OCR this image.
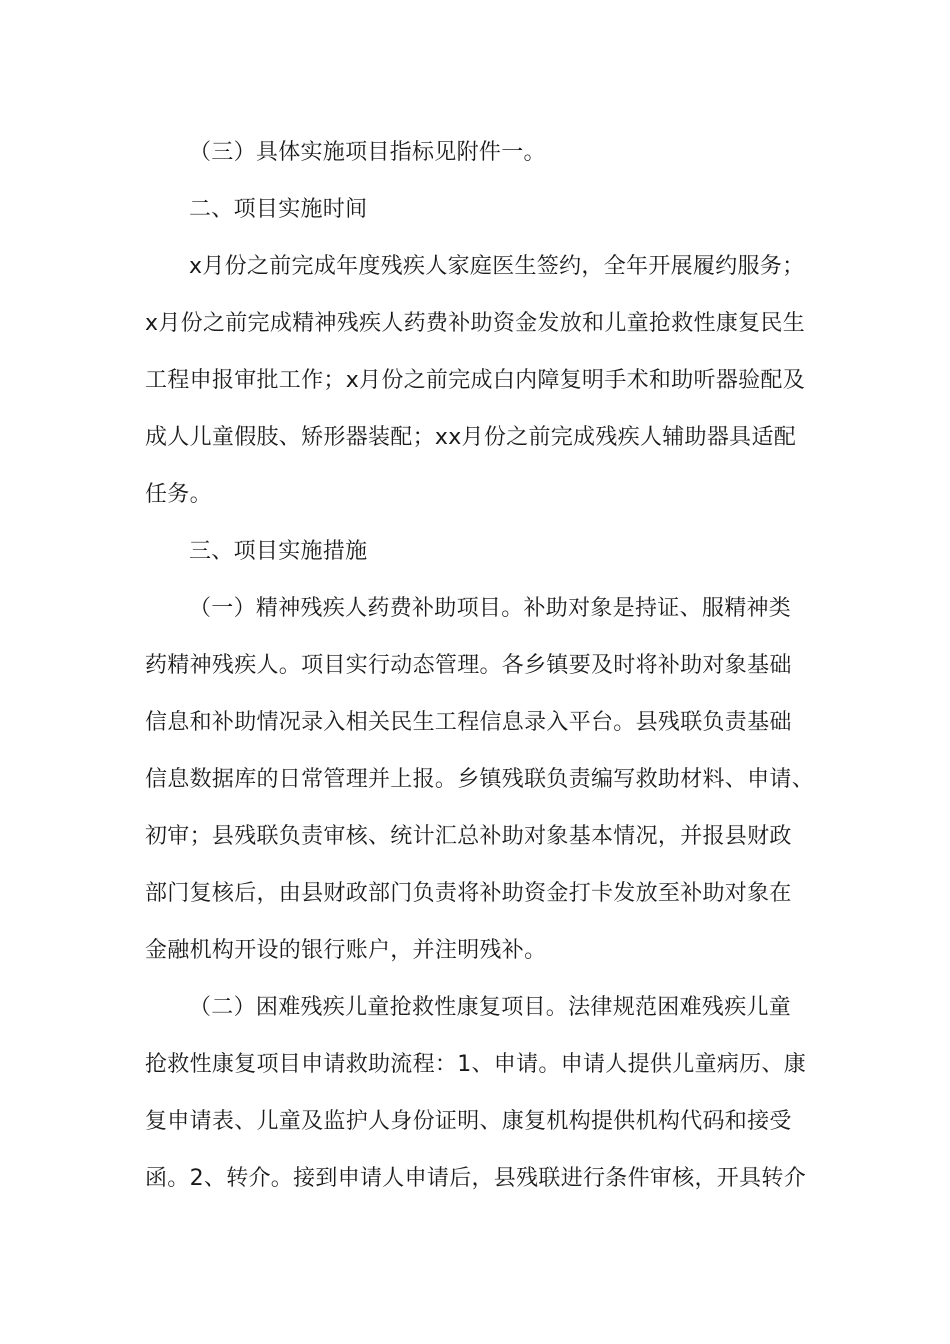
（三）具体实施项目指标见附件一。
二、项目实施时间
x月份之前完成年度残疾人家庭医生签约，全年开展履约服务；
x月份之前完成精神残疾人药费补助资金发放和儿童抢救性康复民生
工程申报审批工作；x月份之前完成白内障复明手术和助听器验配及
成人儿童假肢、矫形器装配；xx月份之前完成残疾人辅助器具适配
任务。
三、项目实施措施
（一）精神残疾人药费补助项目。补助对象是持证、服精神类
药精神残疾人。项目实行动态管理。各乡镇要及时将补助对象基础
信息和补助情况录入相关民生工程信息录入平台。县残联负责基础
信息数据库的日常管理并上报。乡镇残联负责编写救助材料、申请、
初审；县残联负责审核、统计汇总补助对象基本情况，并报县财政
部门复核后，由县财政部门负责将补助资金打卡发放至补助对象在
金融机构开设的银行账户，并注明残补。
（二）困难残疾儿童抢救性康复项目。法律规范困难残疾儿童
抢救性康复项目申请救助流程：1、申请。申请人提供儿童病历、康
复申请表、儿童及监护人身份证明、康复机构提供机构代码和接受
函。2、转介。接到申请人申请后，县残联进行条件审核，开具转介
